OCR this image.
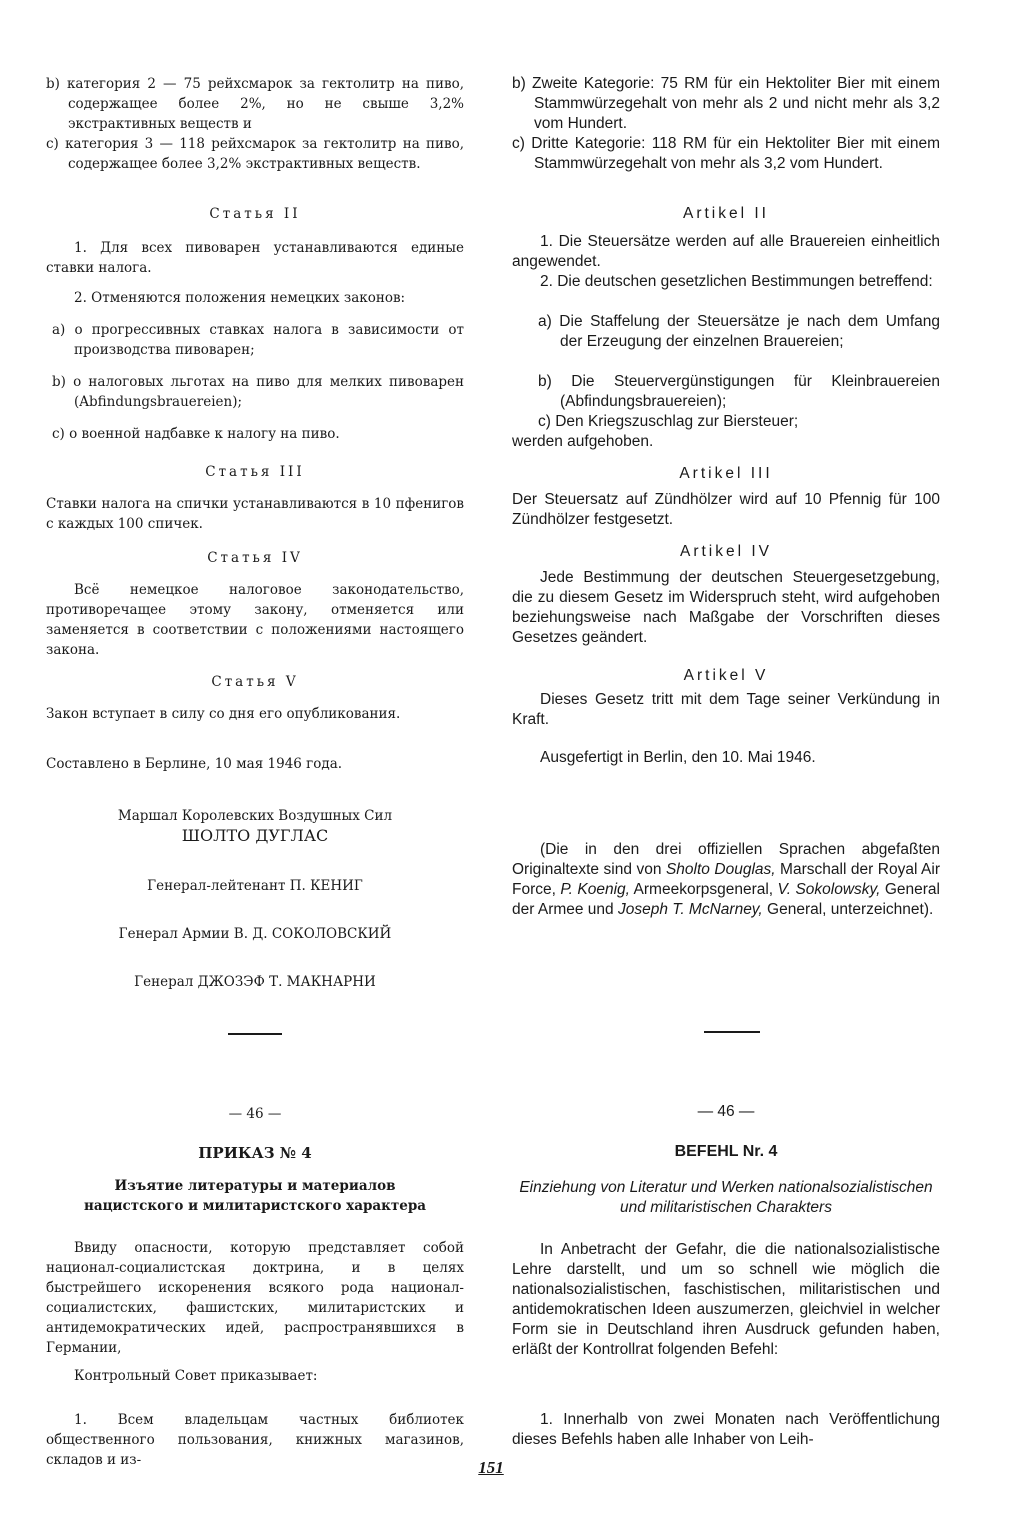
b) категория 2 — 75 рейхсмарок за гектолитр на пиво, содержащее более 2%, но не свыше 3,2% экстрактивных веществ и

c) категория 3 — 118 рейхсмарок за гектолитр на пиво, содержащее более 3,2% экстрактивных веществ.

Статья II

1. Для всех пивоварен устанавливаются единые ставки налога.

2. Отменяются положения немецких законов:

a) о прогрессивных ставках налога в зависимости от производства пивоварен;

b) о налоговых льготах на пиво для мелких пивоварен (Abfindungsbrauereien);

c) о военной надбавке к налогу на пиво.

Статья III

Ставки налога на спички устанавливаются в 10 пфенигов с каждых 100 спичек.

Статья IV

Всё немецкое налоговое законодательство, противоречащее этому закону, отменяется или заменяется в соответствии с положениями настоящего закона.

Статья V

Закон вступает в силу со дня его опубликования.

Составлено в Берлине, 10 мая 1946 года.

Маршал Королевских Воздушных Сил

ШОЛТО ДУГЛАС

Генерал-лейтенант П. КЕНИГ

Генерал Армии В. Д. СОКОЛОВСКИЙ

Генерал ДЖОЗЭФ Т. МАКНАРНИ

— 46 —

ПРИКАЗ № 4

Изъятие литературы и материалов нацистского и милитаристского характера

Ввиду опасности, которую представляет собой национал-социалистская доктрина, и в целях быстрейшего искоренения всякого рода национал-социалистских, фашистских, милитаристских и антидемократических идей, распространявшихся в Германии,

Контрольный Совет приказывает:

1. Всем владельцам частных библиотек общественного пользования, книжных магазинов, складов и из-

b) Zweite Kategorie: 75 RM für ein Hektoliter Bier mit einem Stammwürzegehalt von mehr als 2 und nicht mehr als 3,2 vom Hundert.

c) Dritte Kategorie: 118 RM für ein Hektoliter Bier mit einem Stammwürzegehalt von mehr als 3,2 vom Hundert.

Artikel II

1. Die Steuersätze werden auf alle Brauereien einheitlich angewendet.

2. Die deutschen gesetzlichen Bestimmungen betreffend:

a) Die Staffelung der Steuersätze je nach dem Umfang der Erzeugung der einzelnen Brauereien;

b) Die Steuervergünstigungen für Kleinbrauereien (Abfindungsbrauereien);

c) Den Kriegszuschlag zur Biersteuer;

werden aufgehoben.

Artikel III

Der Steuersatz auf Zündhölzer wird auf 10 Pfennig für 100 Zündhölzer festgesetzt.

Artikel IV

Jede Bestimmung der deutschen Steuergesetzgebung, die zu diesem Gesetz im Widerspruch steht, wird aufgehoben beziehungsweise nach Maßgabe der Vorschriften dieses Gesetzes geändert.

Artikel V

Dieses Gesetz tritt mit dem Tage seiner Verkündung in Kraft.

Ausgefertigt in Berlin, den 10. Mai 1946.

(Die in den drei offiziellen Sprachen abgefaßten Originaltexte sind von Sholto Douglas, Marschall der Royal Air Force, P. Koenig, Armeekorpsgeneral, V. Sokolowsky, General der Armee und Joseph T. McNarney, General, unterzeichnet).

— 46 —

BEFEHL Nr. 4

Einziehung von Literatur und Werken nationalsozialistischen und militaristischen Charakters

In Anbetracht der Gefahr, die die nationalsozialistische Lehre darstellt, und um so schnell wie möglich die nationalsozialistischen, faschistischen, militaristischen und antidemokratischen Ideen auszumerzen, gleichviel in welcher Form sie in Deutschland ihren Ausdruck gefunden haben, erläßt der Kontrollrat folgenden Befehl:

1. Innerhalb von zwei Monaten nach Veröffentlichung dieses Befehls haben alle Inhaber von Leih-

151
